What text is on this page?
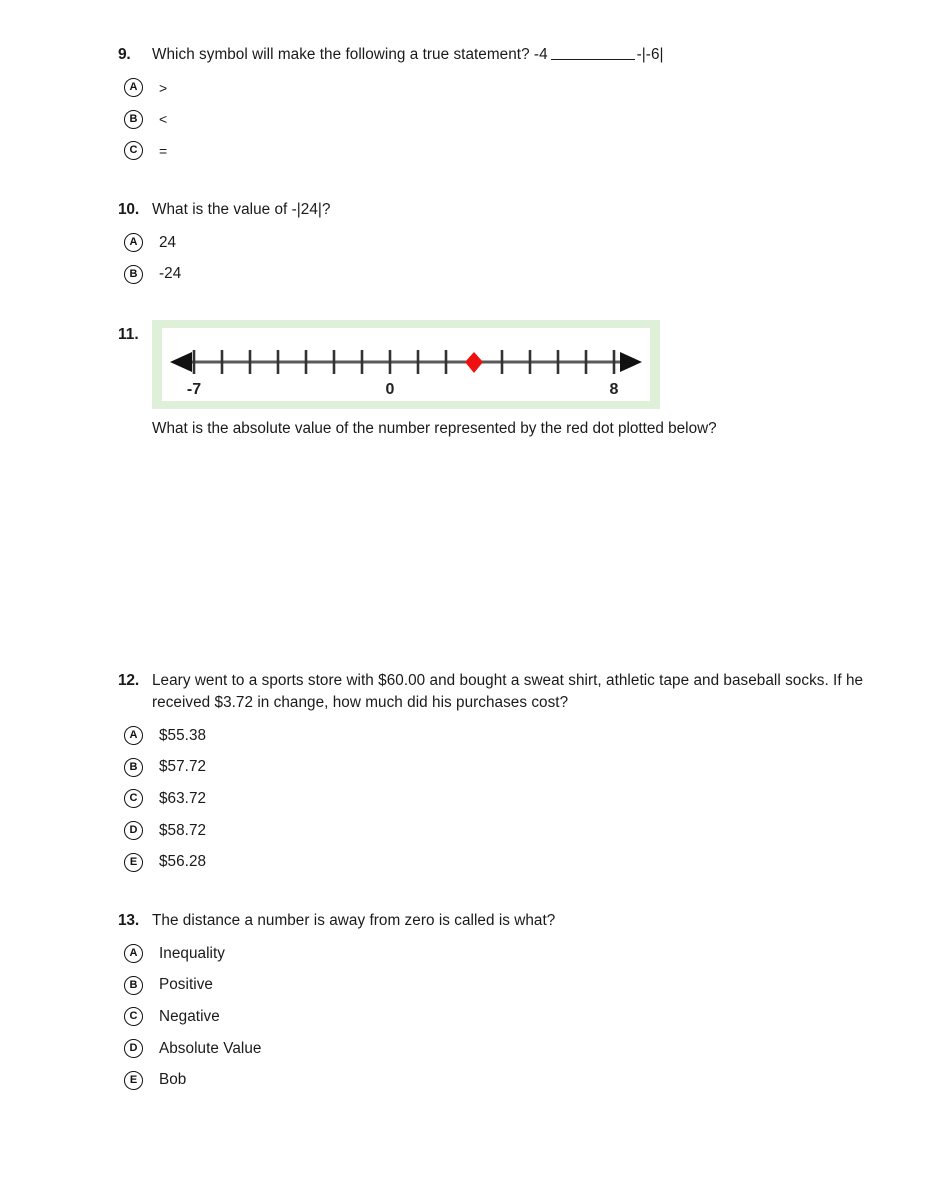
9.	Which symbol will make the following a true statement? -4	-|-6|
A	>
B	<
C	=
10. What is the value of -|24|?
A	24
B	-24
11.
-7	0	8
What is the absolute value of the number represented by the red dot plotted below?
12. Leary went to a sports store with $60.00 and bought a sweat shirt, athletic tape and baseball socks. If he received $3.72 in change, how much did his purchases cost?
A	$55.38
B	$57.72
C	$63.72
D	$58.72
E	$56.28
13. The distance a number is away from zero is called is what?
A	Inequality
B	Positive
C	Negative
D	Absolute Value
E	Bob
